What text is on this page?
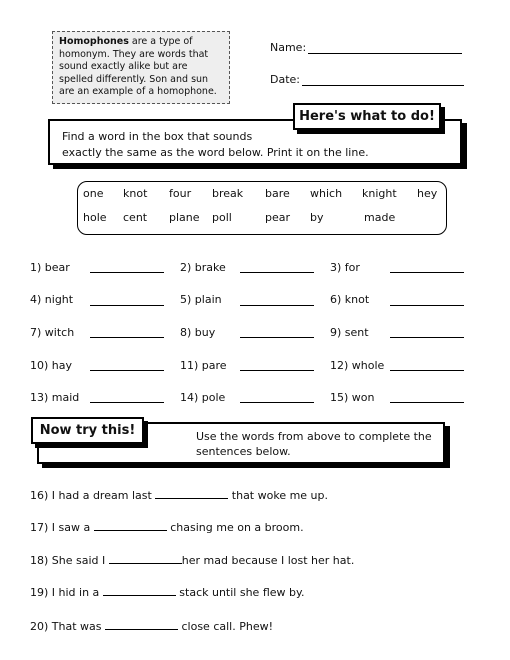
Homophones are a type of homonym. They are words that sound exactly alike but are spelled differently. Son and sun are an example of a homophone.
Name:
Date:
Find a word in the box that sounds
exactly the same as the word below. Print it on the line.
Here's what to do!
one knot four break bare which knight hey
hole cent plane poll	pear by	made
1) bear	2) brake	3) for
4) night	5) plain	6) knot
7) witch	8) buy	9) sent
10) hay	11) pare	12) whole
13) maid	14) pole	15) won
Use the words from above to complete the
sentences below.
Now try this!
16) I had a dream last	that woke me up.
17) I saw a	chasing me on a broom.
18) She said I	her mad because I lost her hat.
19) I hid in a	stack until she flew by.
20) That was	close call. Phew!
